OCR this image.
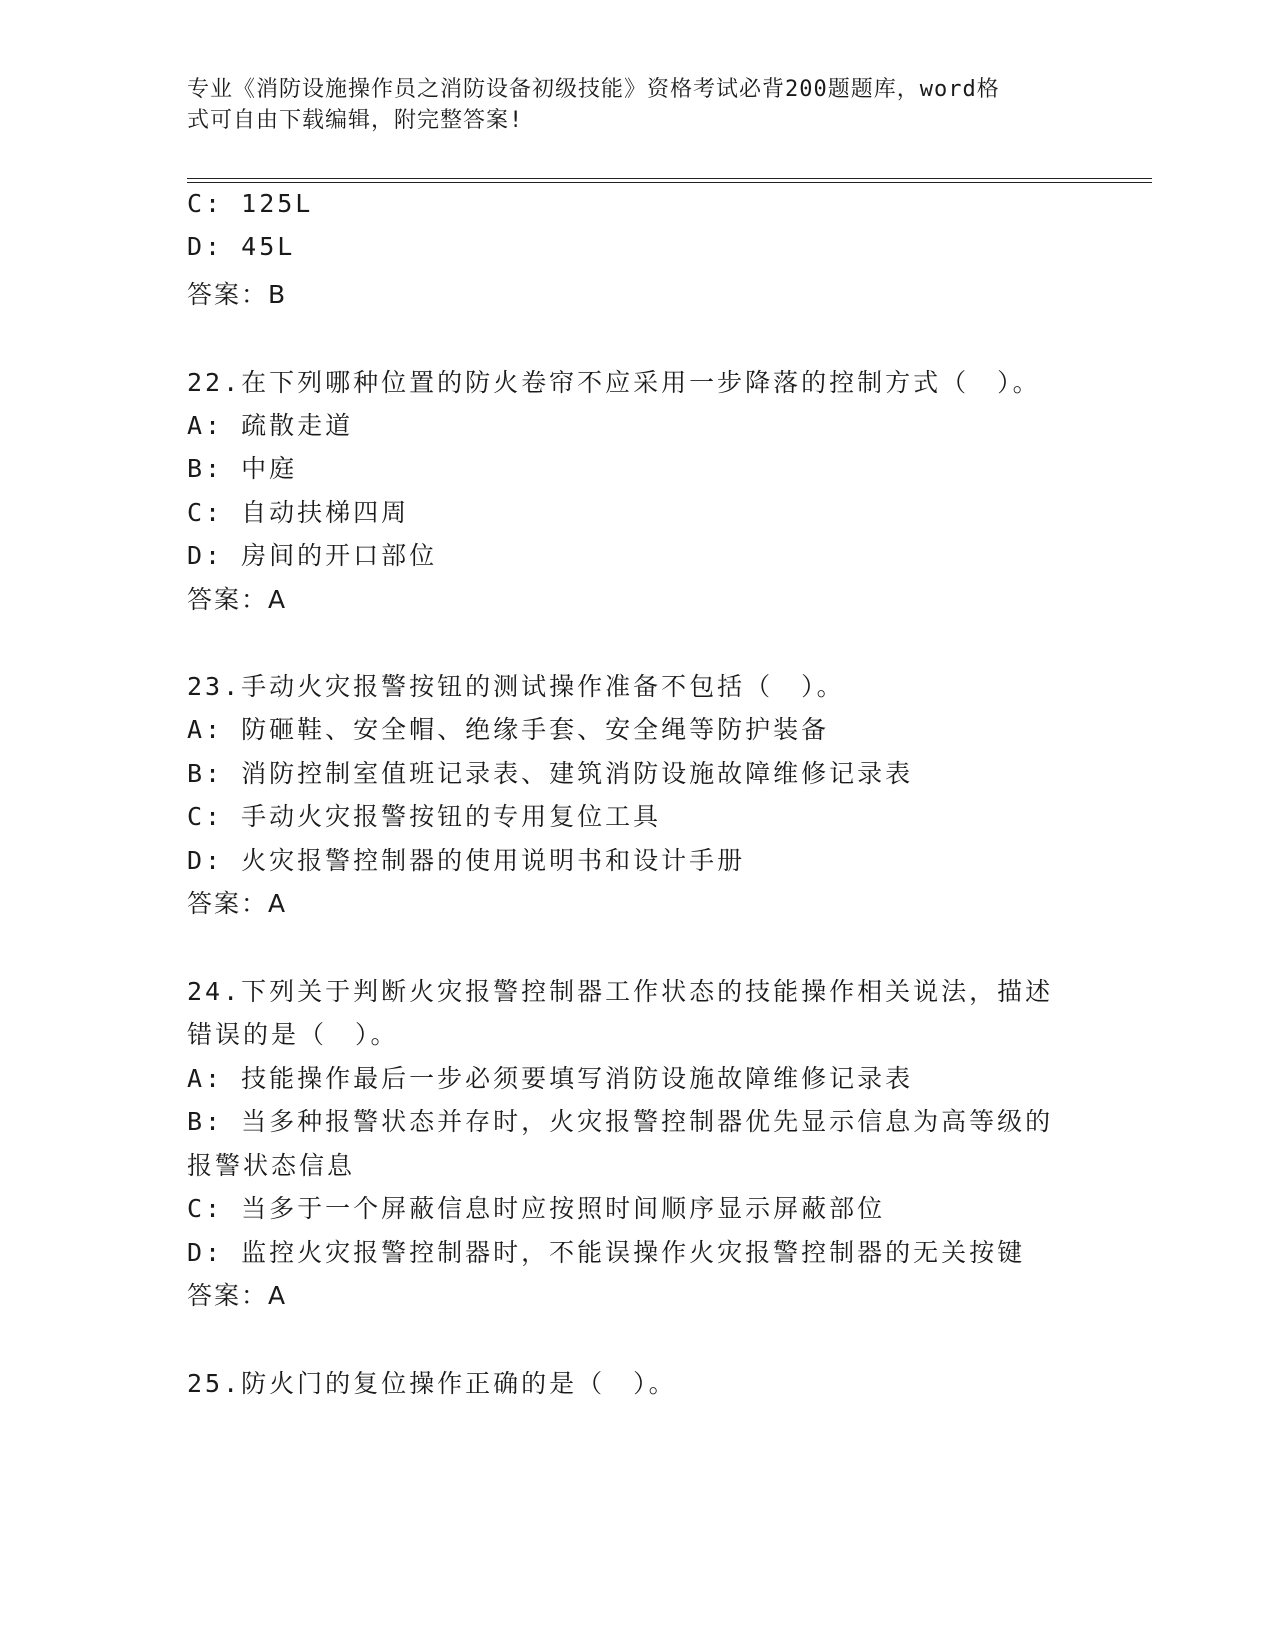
专业《消防设施操作员之消防设备初级技能》资格考试必背200题题库，word格
式可自由下载编辑，附完整答案!
C: 125L
D: 45L
答案：B
22.在下列哪种位置的防火卷帘不应采用一步降落的控制方式（　）。
A: 疏散走道
B: 中庭
C: 自动扶梯四周
D: 房间的开口部位
答案：A
23.手动火灾报警按钮的测试操作准备不包括（　）。
A: 防砸鞋、安全帽、绝缘手套、安全绳等防护装备
B: 消防控制室值班记录表、建筑消防设施故障维修记录表
C: 手动火灾报警按钮的专用复位工具
D: 火灾报警控制器的使用说明书和设计手册
答案：A
24.下列关于判断火灾报警控制器工作状态的技能操作相关说法，描述
错误的是（　）。
A: 技能操作最后一步必须要填写消防设施故障维修记录表
B: 当多种报警状态并存时，火灾报警控制器优先显示信息为高等级的
报警状态信息
C: 当多于一个屏蔽信息时应按照时间顺序显示屏蔽部位
D: 监控火灾报警控制器时，不能误操作火灾报警控制器的无关按键
答案：A
25.防火门的复位操作正确的是（　）。
